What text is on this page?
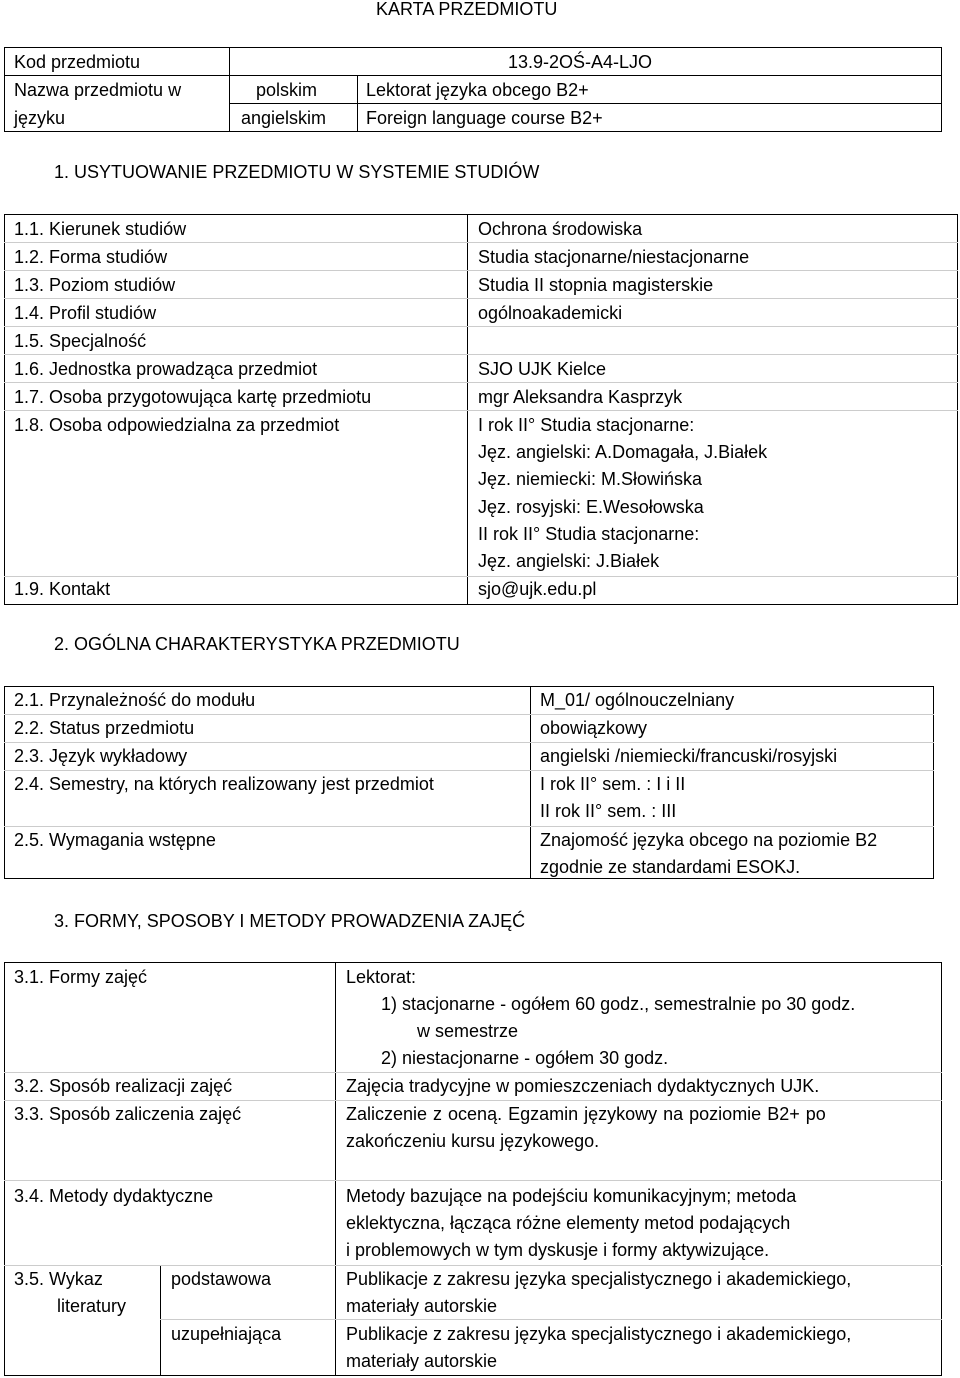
KARTA PRZEDMIOTU
Kod przedmiotu	13.9-2OŚ-A4-LJO
Nazwa przedmiotu w
języku
polskim	Lektorat języka obcego B2+
angielskim Foreign language course B2+
1. USYTUOWANIE PRZEDMIOTU W SYSTEMIE STUDIÓW
1.1. Kierunek studiów	Ochrona środowiska
1.2. Forma studiów	Studia stacjonarne/niestacjonarne
1.3. Poziom studiów	Studia II stopnia magisterskie
1.4. Profil studiów	ogólnoakademicki
1.5. Specjalność
1.6. Jednostka prowadząca przedmiot	SJO UJK Kielce
1.7. Osoba przygotowująca kartę przedmiotu	mgr Aleksandra Kasprzyk
1.8. Osoba odpowiedzialna za przedmiot	I rok II° Studia stacjonarne:
Jęz. angielski: A.Domagała, J.Białek
Jęz. niemiecki: M.Słowińska
Jęz. rosyjski: E.Wesołowska
II rok II° Studia stacjonarne:
Jęz. angielski: J.Białek
1.9. Kontakt	sjo@ujk.edu.pl
2. OGÓLNA CHARAKTERYSTYKA PRZEDMIOTU
2.1. Przynależność do modułu	M_01/ ogólnouczelniany
2.2. Status przedmiotu	obowiązkowy
2.3. Język wykładowy	angielski /niemiecki/francuski/rosyjski
2.4. Semestry, na których realizowany jest przedmiot	I rok II° sem. : I i II
II rok II° sem. : III
2.5. Wymagania wstępne	Znajomość języka obcego na poziomie B2
zgodnie ze standardami ESOKJ.
3. FORMY, SPOSOBY I METODY PROWADZENIA ZAJĘĆ
3.1. Formy zajęć	Lektorat:
1) stacjonarne - ogółem 60 godz., semestralnie po 30 godz.
w semestrze
2) niestacjonarne - ogółem 30 godz.
3.2. Sposób realizacji zajęć	Zajęcia tradycyjne w pomieszczeniach dydaktycznych UJK.
3.3. Sposób zaliczenia zajęć	Zaliczenie z oceną. Egzamin językowy na poziomie B2+ po
zakończeniu kursu językowego.
3.4. Metody dydaktyczne	Metody bazujące na podejściu komunikacyjnym; metoda
eklektyczna, łącząca różne elementy metod podających
i problemowych w tym dyskusje i formy aktywizujące.
3.5. Wykaz
literatury
podstawowa	Publikacje z zakresu języka specjalistycznego i akademickiego,
materiały autorskie
uzupełniająca	Publikacje z zakresu języka specjalistycznego i akademickiego,
materiały autorskie
